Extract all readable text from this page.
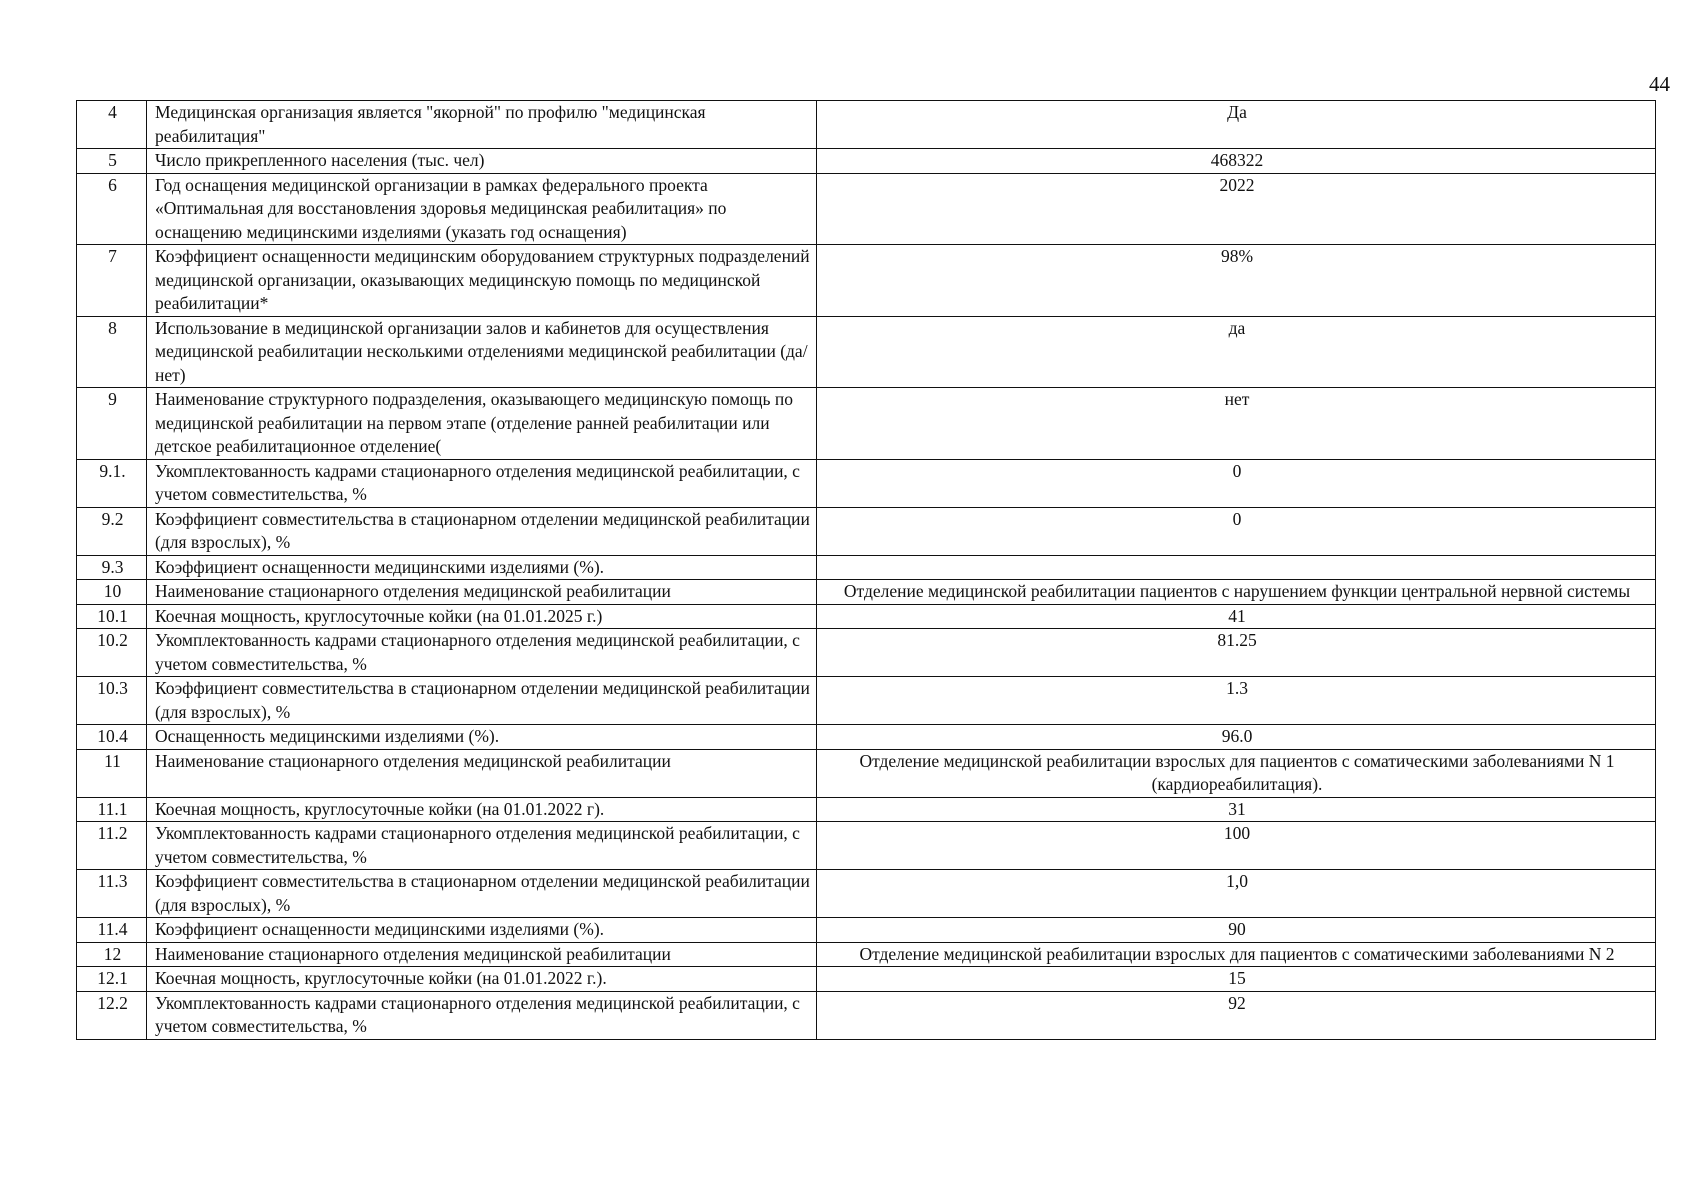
44
4	Медицинская организация является "якорной" по профилю "медицинская реабилитация"	Да
5	Число прикрепленного населения (тыс. чел)	468322
6	Год оснащения медицинской организации в рамках федерального проекта «Оптимальная для восстановления здоровья медицинская реабилитация» по оснащению медицинскими изделиями (указать год оснащения)	2022
7	Коэффициент оснащенности медицинским оборудованием структурных подразделений медицинской организации, оказывающих медицинскую помощь по медицинской реабилитации*	98%
8	Использование в медицинской организации залов и кабинетов для осуществления медицинской реабилитации несколькими отделениями медицинской реабилитации (да/нет)	да
9	Наименование структурного подразделения, оказывающего медицинскую помощь по медицинской реабилитации на первом этапе (отделение ранней реабилитации или детское реабилитационное отделение(	нет
9.1.	Укомплектованность кадрами стационарного отделения медицинской реабилитации, с учетом совместительства, %	0
9.2	Коэффициент совместительства в стационарном отделении медицинской реабилитации (для взрослых), %	0
9.3	Коэффициент оснащенности медицинскими изделиями (%).	
10	Наименование стационарного отделения медицинской реабилитации	Отделение медицинской реабилитации пациентов с нарушением функции центральной нервной системы
10.1	Коечная мощность, круглосуточные койки (на 01.01.2025 г.)	41
10.2	Укомплектованность кадрами стационарного отделения медицинской реабилитации, с учетом совместительства, %	81.25
10.3	Коэффициент совместительства в стационарном отделении медицинской реабилитации (для взрослых), %	1.3
10.4	Оснащенность медицинскими изделиями (%).	96.0
11	Наименование стационарного отделения медицинской реабилитации	Отделение медицинской реабилитации взрослых для пациентов с соматическими заболеваниями N 1 (кардиореабилитация).
11.1	Коечная мощность, круглосуточные койки (на 01.01.2022 г).	31
11.2	Укомплектованность кадрами стационарного отделения медицинской реабилитации, с учетом совместительства, %	100
11.3	Коэффициент совместительства в стационарном отделении медицинской реабилитации (для взрослых), %	1,0
11.4	Коэффициент оснащенности медицинскими изделиями (%).	90
12	Наименование стационарного отделения медицинской реабилитации	Отделение медицинской реабилитации взрослых для пациентов с соматическими заболеваниями N 2
12.1	Коечная мощность, круглосуточные койки (на 01.01.2022 г.).	15
12.2	Укомплектованность кадрами стационарного отделения медицинской реабилитации, с учетом совместительства, %	92
